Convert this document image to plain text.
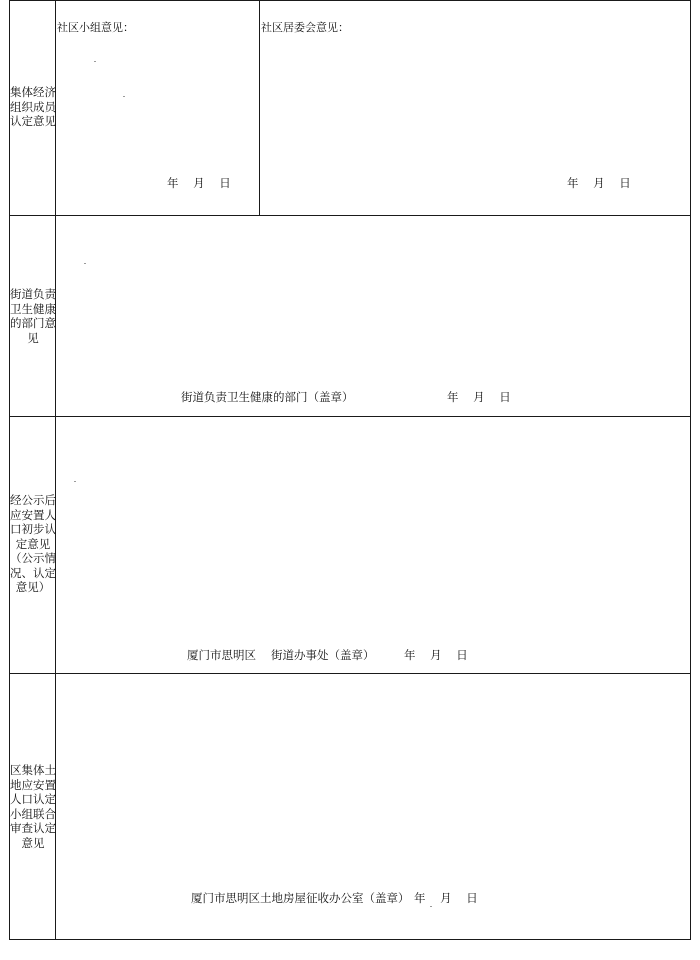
集体经济
组织成员
认定意见
社区小组意见：
年    月    日
社区居委会意见：
年    月    日
街道负责
卫生健康
的部门意
见
街道负责卫生健康的部门（盖章）	年    月    日
经公示后
应安置人
口初步认
定意见
（公示情
况、认定
意见）
厦门市思明区 街道办事处（盖章）	年    月    日
区集体土
地应安置
人口认定
小组联合
审查认定
意见
厦门市思明区土地房屋征收办公室（盖章） 年    月    日
